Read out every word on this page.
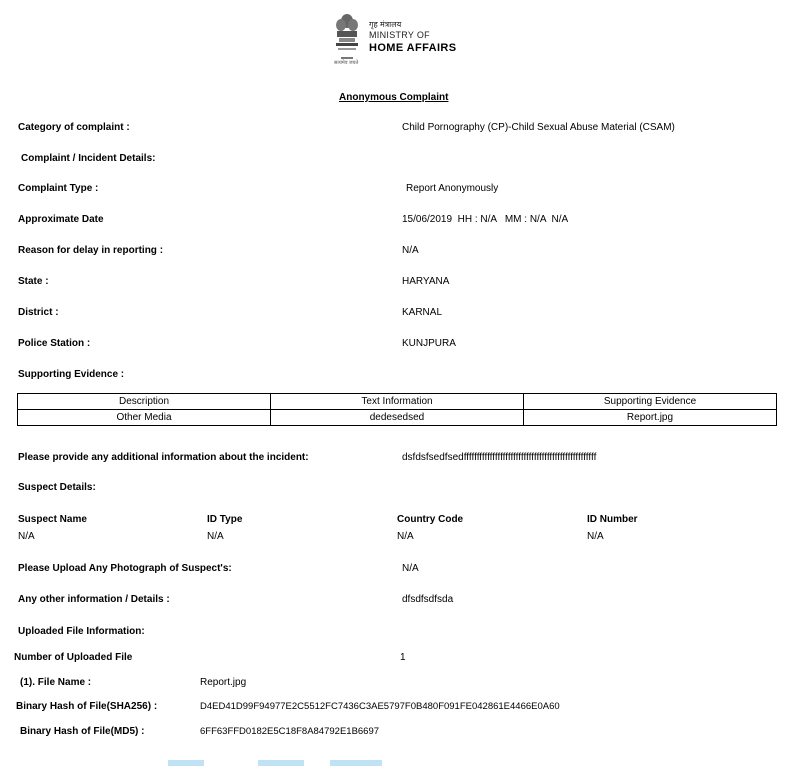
सत्यमेव जयते
गृह मंत्रालय
MINISTRY OF
HOME AFFAIRS
Anonymous Complaint
Category of complaint :	Child Pornography (CP)-Child Sexual Abuse Material (CSAM)
Complaint / Incident Details:
Complaint Type :	Report Anonymously
Approximate Date	15/06/2019  HH : N/A   MM : N/A  N/A
Reason for delay in reporting :	N/A
State :	HARYANA
District :	KARNAL
Police Station :	KUNJPURA
Supporting Evidence :
Description	Text Information	Supporting Evidence
Other Media	dedesedsed	Report.jpg
Please provide any additional information about the incident:	dsfdsfsedfsedfffffffffffffffffffffffffffffffffffffffffffffffffff
Suspect Details:
Suspect Name	ID Type	Country Code	ID Number
N/A	N/A	N/A	N/A
Please Upload Any Photograph of Suspect's:	N/A
Any other information / Details :	dfsdfsdfsda
Uploaded File Information:
Number of Uploaded File	1
(1). File Name :	Report.jpg
Binary Hash of File(SHA256) :	D4ED41D99F94977E2C5512FC7436C3AE5797F0B480F091FE042861E4466E0A60
Binary Hash of File(MD5) :	6FF63FFD0182E5C18F8A84792E1B6697
